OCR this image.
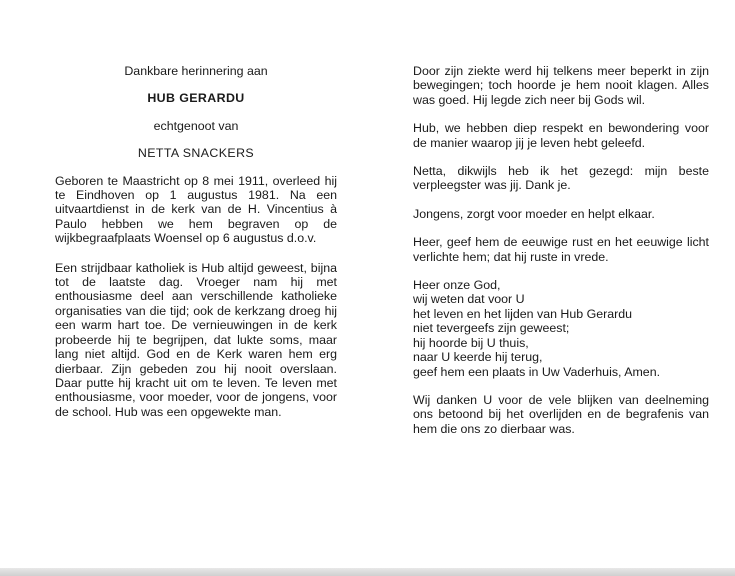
Dankbare herinnering aan
HUB GERARDU
echtgenoot van
NETTA SNACKERS
Geboren te Maastricht op 8 mei 1911, overleed hij te Eindhoven op 1 augustus 1981. Na een uitvaartdienst in de kerk van de H. Vincentius à Paulo hebben we hem begraven op de wijkbegraafplaats Woensel op 6 augustus d.o.v.
Een strijdbaar katholiek is Hub altijd geweest, bijna tot de laatste dag. Vroeger nam hij met enthousiasme deel aan verschillende katholieke organisaties van die tijd; ook de kerkzang droeg hij een warm hart toe. De vernieuwingen in de kerk probeerde hij te begrijpen, dat lukte soms, maar lang niet altijd. God en de Kerk waren hem erg dierbaar. Zijn gebeden zou hij nooit overslaan. Daar putte hij kracht uit om te leven. Te leven met enthousiasme, voor moeder, voor de jongens, voor de school. Hub was een opgewekte man.
Door zijn ziekte werd hij telkens meer beperkt in zijn bewegingen; toch hoorde je hem nooit klagen. Alles was goed. Hij legde zich neer bij Gods wil.
Hub, we hebben diep respekt en bewondering voor de manier waarop jij je leven hebt geleefd.
Netta, dikwijls heb ik het gezegd: mijn beste verpleegster was jij. Dank je.
Jongens, zorgt voor moeder en helpt elkaar.
Heer, geef hem de eeuwige rust en het eeuwige licht verlichte hem; dat hij ruste in vrede.
Heer onze God,
wij weten dat voor U
het leven en het lijden van Hub Gerardu
niet tevergeefs zijn geweest;
hij hoorde bij U thuis,
naar U keerde hij terug,
geef hem een plaats in Uw Vaderhuis, Amen.
Wij danken U voor de vele blijken van deelneming ons betoond bij het overlijden en de begrafenis van hem die ons zo dierbaar was.
